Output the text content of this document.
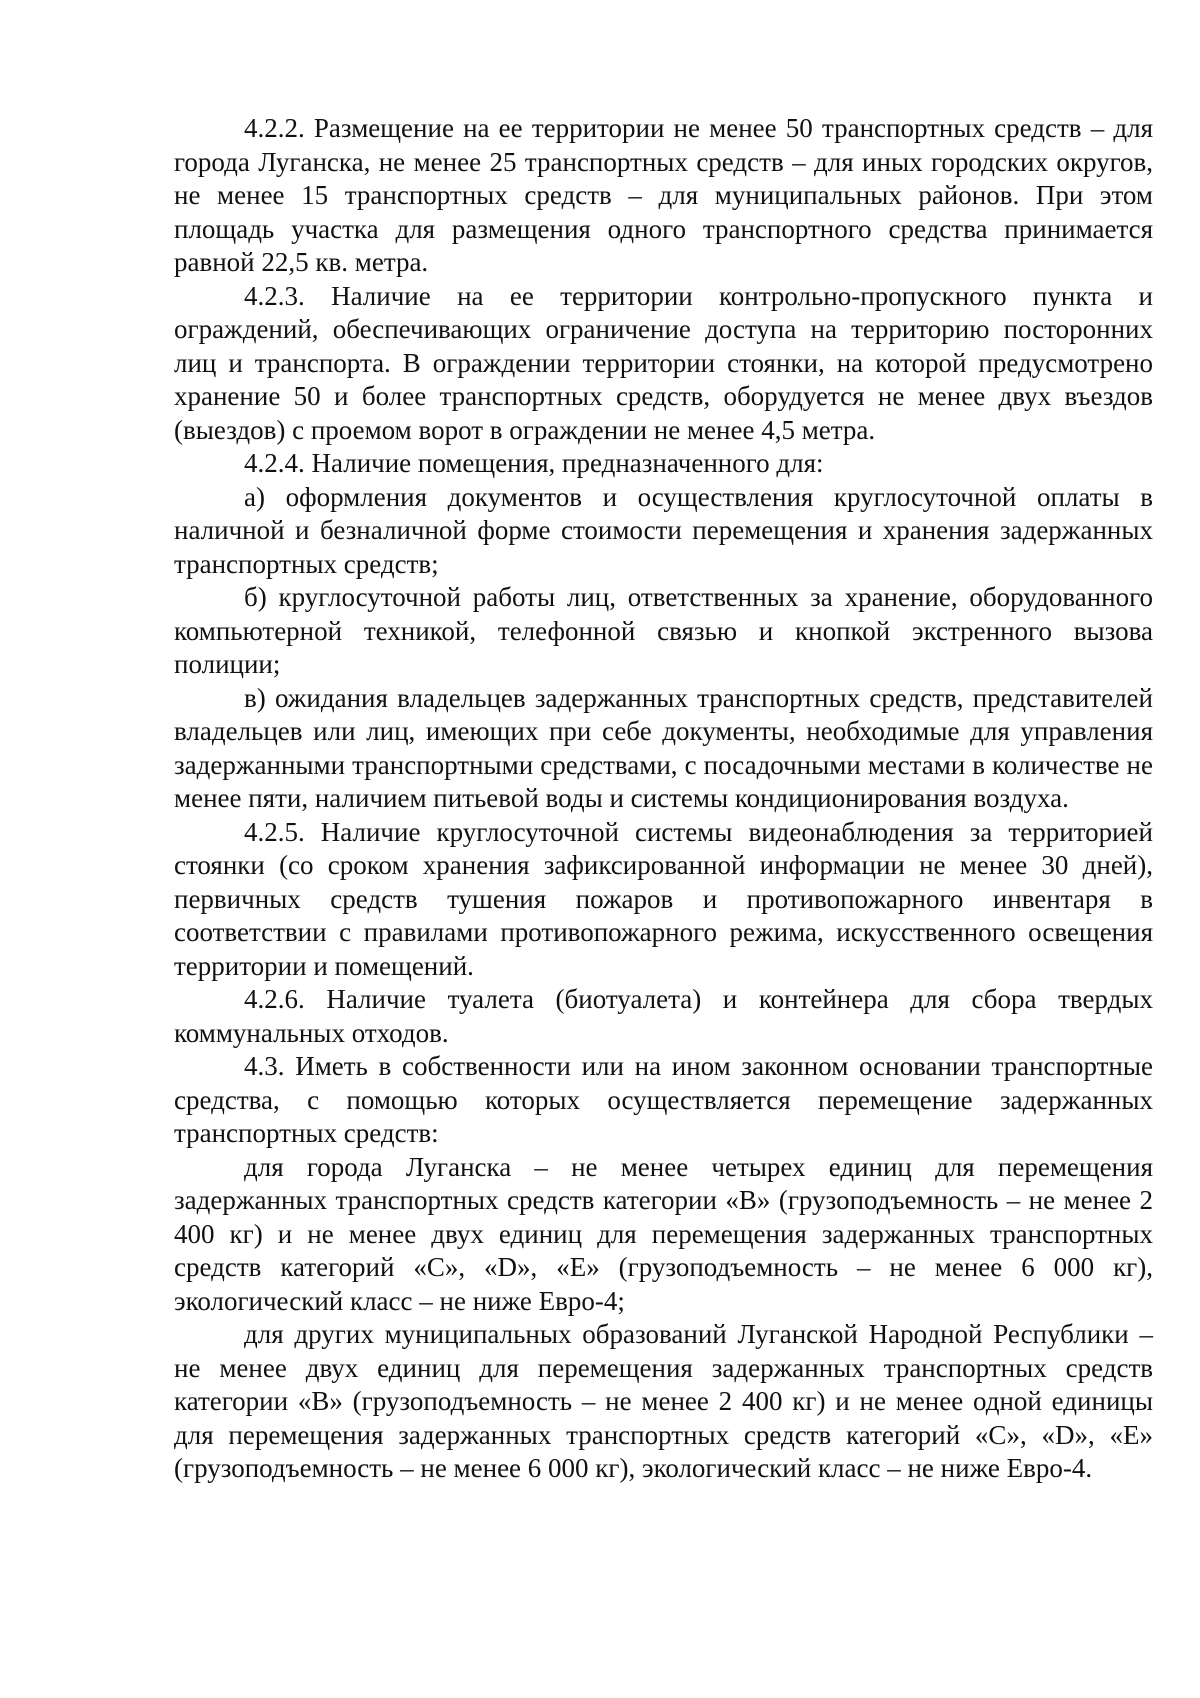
4.2.2. Размещение на ее территории не менее 50 транспортных средств – для города Луганска, не менее 25 транспортных средств – для иных городских округов, не менее 15 транспортных средств – для муниципальных районов. При этом площадь участка для размещения одного транспортного средства принимается равной 22,5 кв. метра.

4.2.3. Наличие на ее территории контрольно-пропускного пункта и ограждений, обеспечивающих ограничение доступа на территорию посторонних лиц и транспорта. В ограждении территории стоянки, на которой предусмотрено хранение 50 и более транспортных средств, оборудуется не менее двух въездов (выездов) с проемом ворот в ограждении не менее 4,5 метра.

4.2.4. Наличие помещения, предназначенного для:

а) оформления документов и осуществления круглосуточной оплаты в наличной и безналичной форме стоимости перемещения и хранения задержанных транспортных средств;

б) круглосуточной работы лиц, ответственных за хранение, оборудованного компьютерной техникой, телефонной связью и кнопкой экстренного вызова полиции;

в) ожидания владельцев задержанных транспортных средств, представителей владельцев или лиц, имеющих при себе документы, необходимые для управления задержанными транспортными средствами, с посадочными местами в количестве не менее пяти, наличием питьевой воды и системы кондиционирования воздуха.

4.2.5. Наличие круглосуточной системы видеонаблюдения за территорией стоянки (со сроком хранения зафиксированной информации не менее 30 дней), первичных средств тушения пожаров и противопожарного инвентаря в соответствии с правилами противопожарного режима, искусственного освещения территории и помещений.

4.2.6. Наличие туалета (биотуалета) и контейнера для сбора твердых коммунальных отходов.

4.3. Иметь в собственности или на ином законном основании транспортные средства, с помощью которых осуществляется перемещение задержанных транспортных средств:

для города Луганска – не менее четырех единиц для перемещения задержанных транспортных средств категории «В» (грузоподъемность – не менее 2 400 кг) и не менее двух единиц для перемещения задержанных транспортных средств категорий «С», «D», «Е» (грузоподъемность – не менее 6 000 кг), экологический класс – не ниже Евро-4;

для других муниципальных образований Луганской Народной Республики – не менее двух единиц для перемещения задержанных транспортных средств категории «В» (грузоподъемность – не менее 2 400 кг) и не менее одной единицы для перемещения задержанных транспортных средств категорий «С», «D», «Е» (грузоподъемность – не менее 6 000 кг), экологический класс – не ниже Евро-4.
